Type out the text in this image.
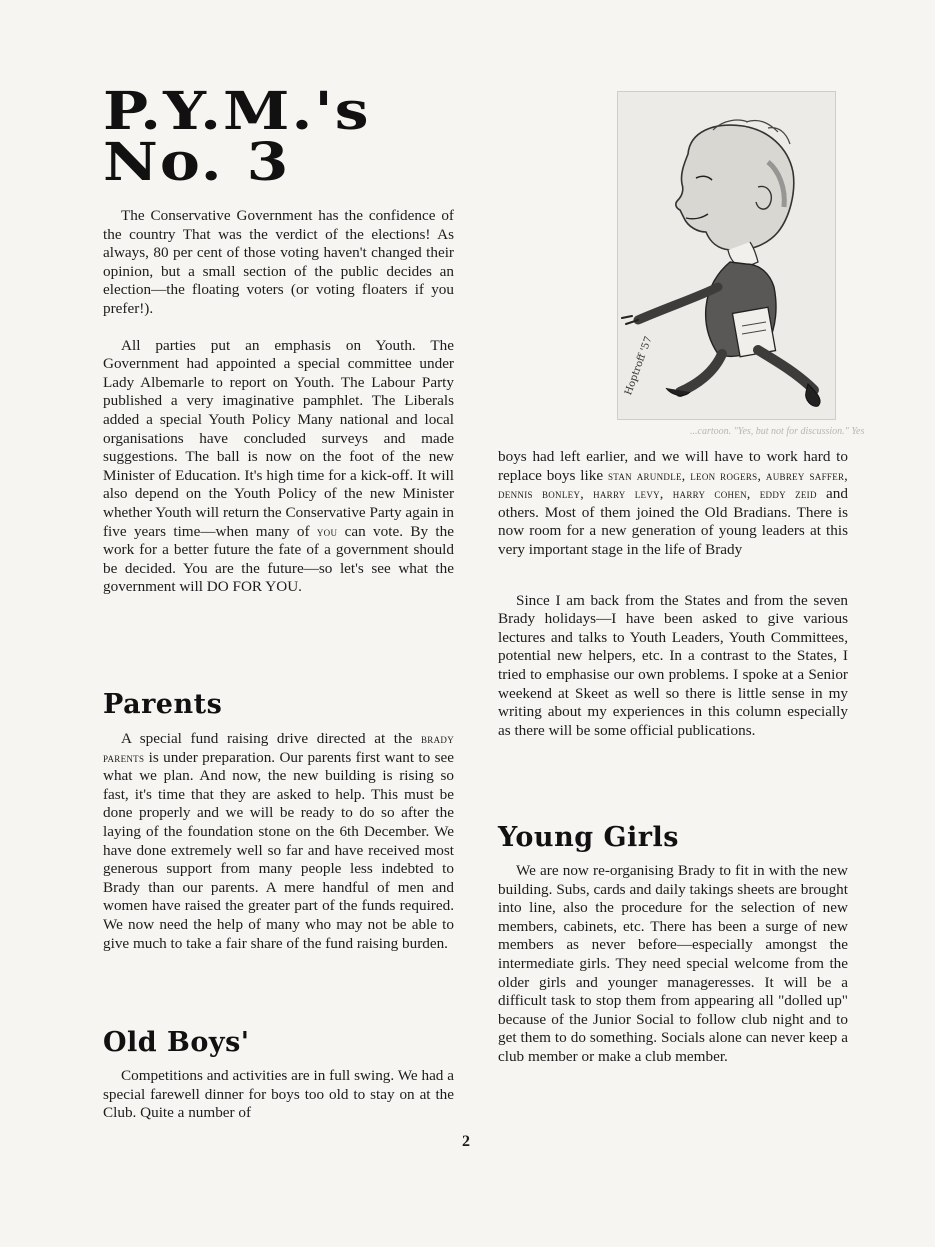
P.Y.M.'s
No. 3

The Conservative Government has the confidence of the country That was the verdict of the elections! As always, 80 per cent of those voting haven't changed their opinion, but a small section of the public decides an election—the floating voters (or voting floaters if you prefer!).

All parties put an emphasis on Youth. The Government had appointed a special committee under Lady Albemarle to report on Youth. The Labour Party published a very imaginative pamphlet. The Liberals added a special Youth Policy Many national and local organisations have concluded surveys and made suggestions. The ball is now on the foot of the new Minister of Education. It's high time for a kick-off. It will also depend on the Youth Policy of the new Minister whether Youth will return the Conservative Party again in five years time—when many of you can vote. By the work for a better future the fate of a government should be decided. You are the future—so let's see what the government will DO FOR YOU.

Parents

A special fund raising drive directed at the brady parents is under preparation. Our parents first want to see what we plan. And now, the new building is rising so fast, it's time that they are asked to help. This must be done properly and we will be ready to do so after the laying of the foundation stone on the 6th December. We have done extremely well so far and have received most generous support from many people less indebted to Brady than our parents. A mere handful of men and women have raised the greater part of the funds required. We now need the help of many who may not be able to give much to take a fair share of the fund raising burden.

Old Boys'

Competitions and activities are in full swing. We had a special farewell dinner for boys too old to stay on at the Club. Quite a number of

Hoptroff '57
...cartoon. "Yes, but not for discussion." Yes

boys had left earlier, and we will have to work hard to replace boys like stan arundle, leon rogers, aubrey saffer, dennis bonley, harry levy, harry cohen, eddy zeid and others. Most of them joined the Old Bradians. There is now room for a new generation of young leaders at this very important stage in the life of Brady

Since I am back from the States and from the seven Brady holidays—I have been asked to give various lectures and talks to Youth Leaders, Youth Committees, potential new helpers, etc. In a contrast to the States, I tried to emphasise our own problems. I spoke at a Senior weekend at Skeet as well so there is little sense in my writing about my experiences in this column especially as there will be some official publications.

Young Girls

We are now re-organising Brady to fit in with the new building. Subs, cards and daily takings sheets are brought into line, also the procedure for the selection of new members, cabinets, etc. There has been a surge of new members as never before—especially amongst the intermediate girls. They need special welcome from the older girls and younger manageresses. It will be a difficult task to stop them from appearing all "dolled up" because of the Junior Social to follow club night and to get them to do something. Socials alone can never keep a club member or make a club member.

2
